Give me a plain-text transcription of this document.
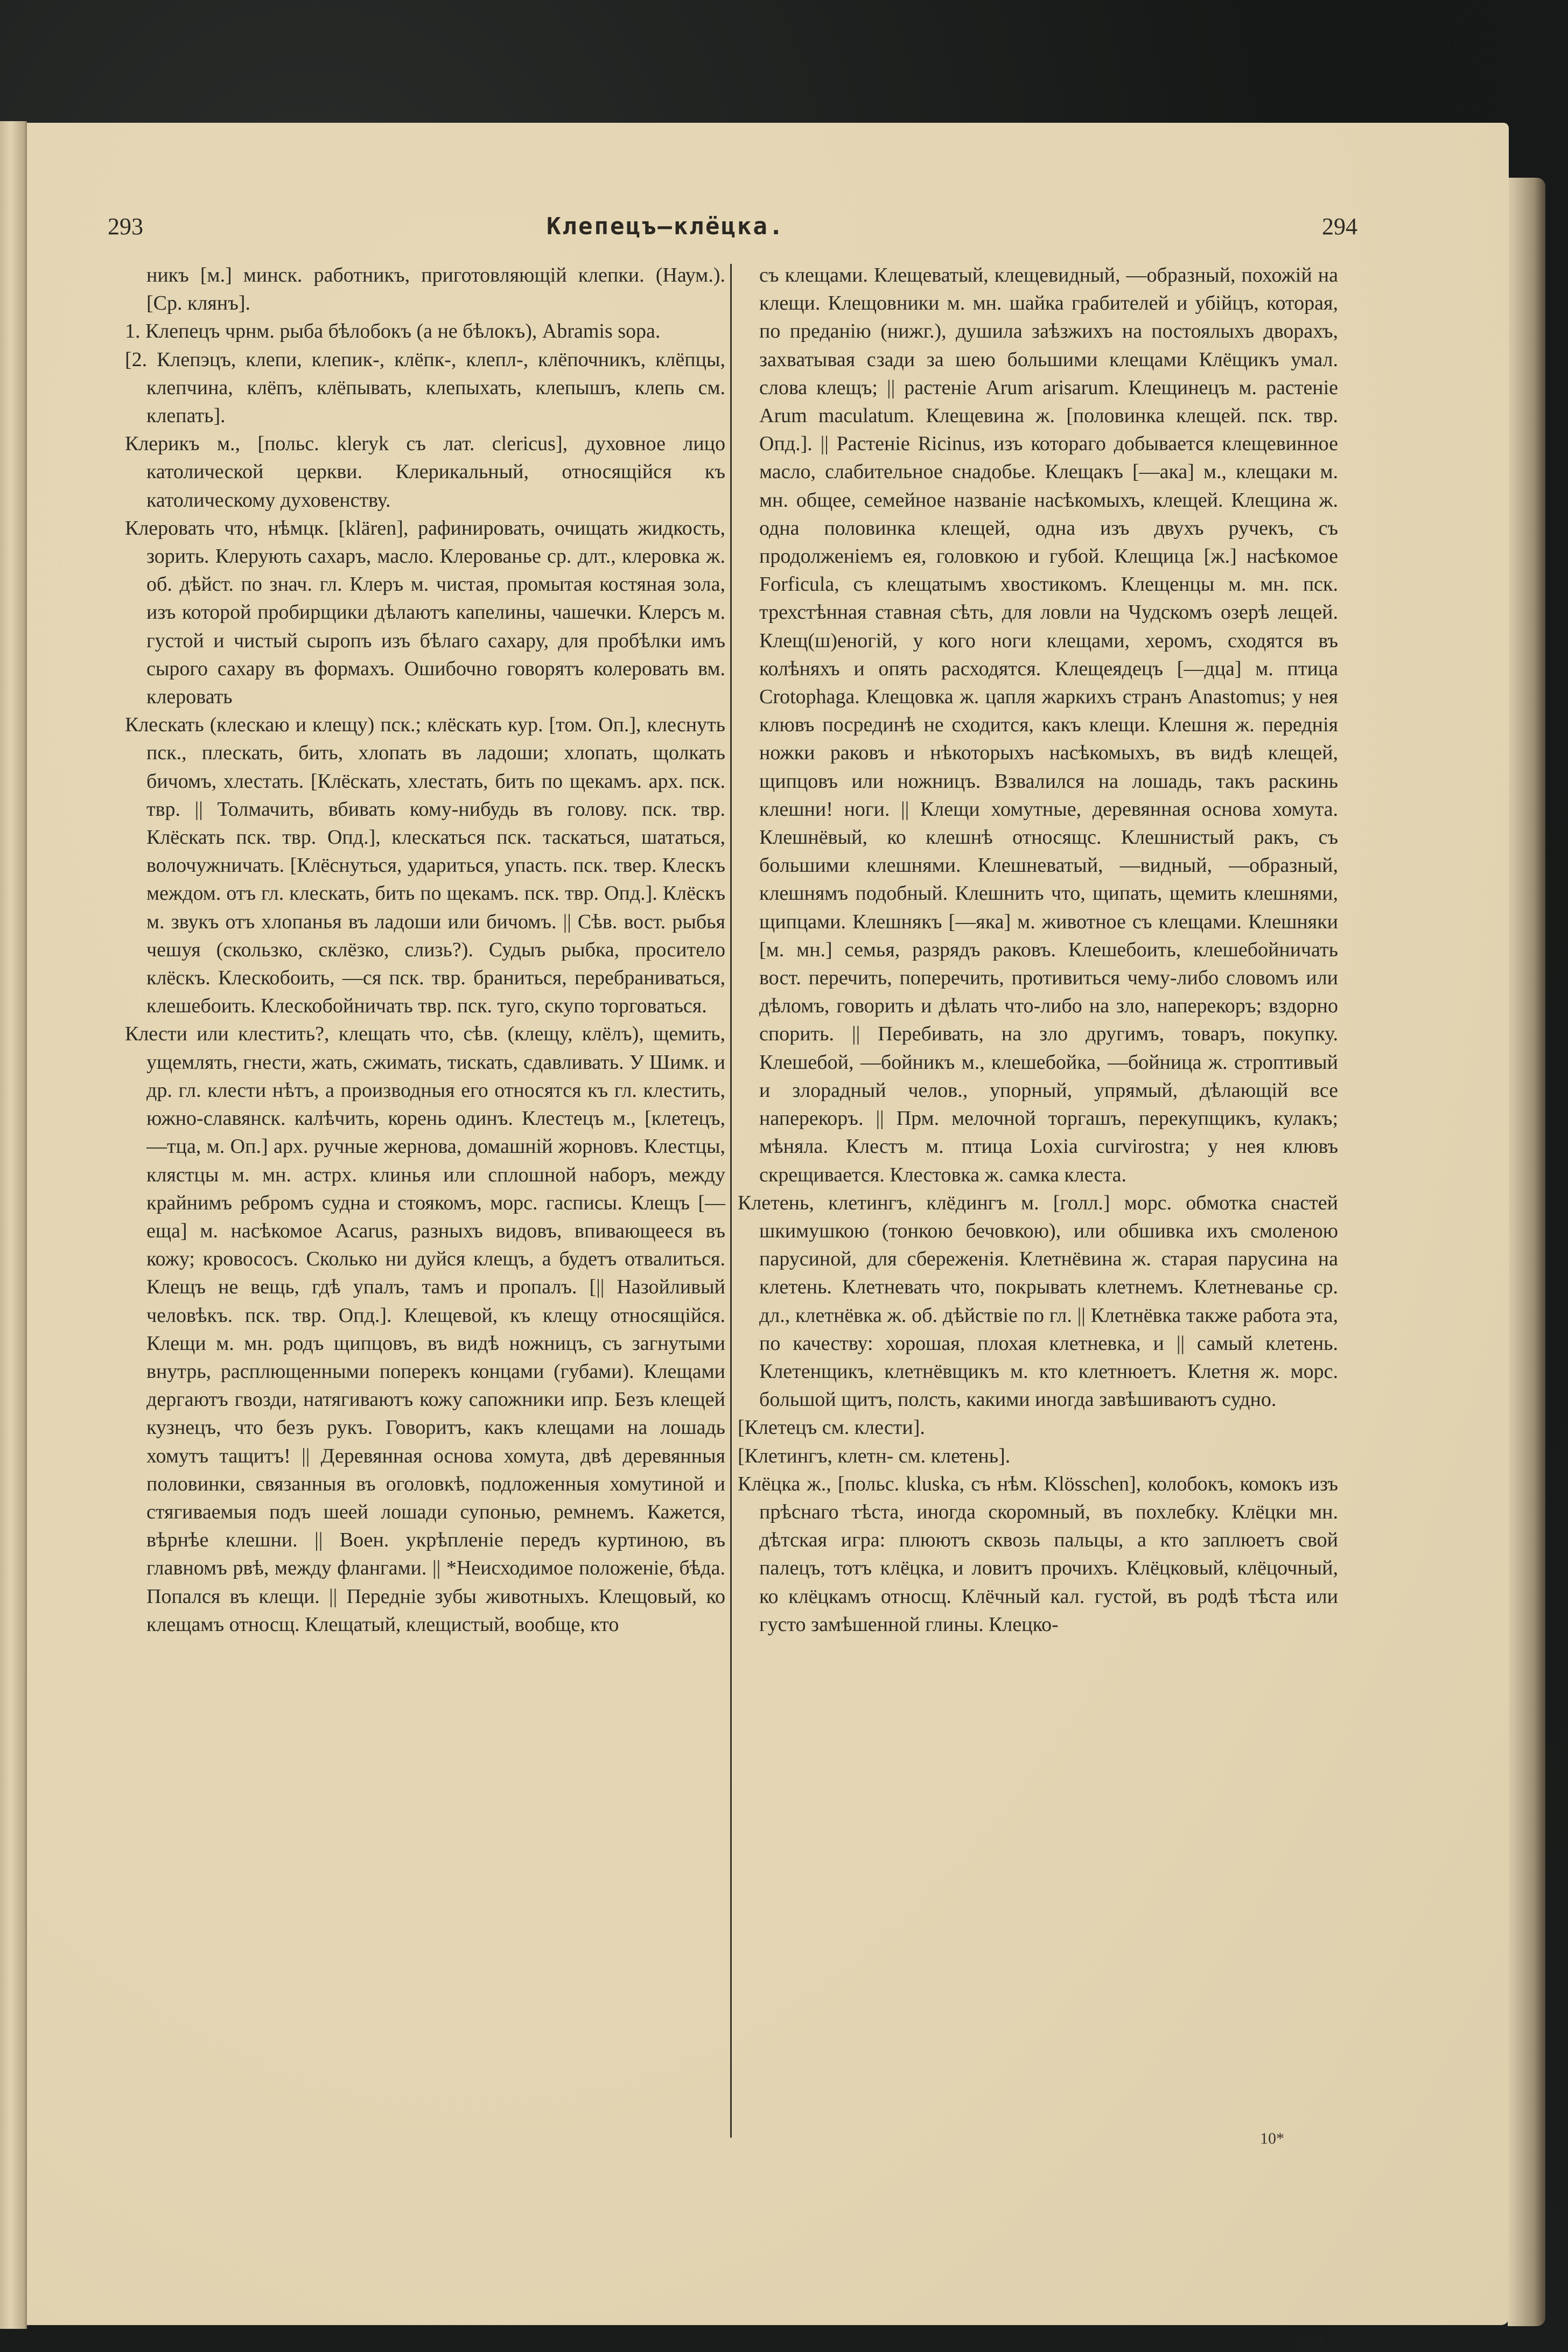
293	Клепецъ—клёцка.	294

никъ [м.] минск. работникъ, приготовляющій клепки. (Наум.). [Ср. клянъ].

1. Клепецъ чрнм. рыба бѣлобокъ (а не бѣлокъ), Abramis sopa.

[2. Клепэцъ, клепи, клепик-, клёпк-, клепл-, клёпочникъ, клёпцы, клепчина, клёпъ, клёпывать, клепыхать, клепышъ, клепь см. клепать].

Клерикъ м., [польс. kleryk съ лат. clericus], духовное лицо католической церкви. Клерикальный, относящійся къ католическому духовенству.

Клеровать что, нѣмцк. [klären], рафинировать, очищать жидкость, зорить. Клерують сахаръ, масло. Клерованье ср. длт., клеровка ж. об. дѣйст. по знач. гл. Клеръ м. чистая, промытая костяная зола, изъ которой пробирщики дѣлаютъ капелины, чашечки. Клерсъ м. густой и чистый сыропъ изъ бѣлаго сахару, для пробѣлки имъ сырого сахару въ формахъ. Ошибочно говорятъ колеровать вм. клеровать

Клескать (клескаю и клещу) пск.; клёскать кур. [том. Оп.], клеснуть пск., плескать, бить, хлопать въ ладоши; хлопать, щолкать бичомъ, хлестать. [Клёскать, хлестать, бить по щекамъ. арх. пск. твр. || Толмачить, вбивать кому-нибудь въ голову. пск. твр. Клёскать пск. твр. Опд.], клескаться пск. таскаться, шататься, волочужничать. [Клёснуться, удариться, упасть. пск. твер. Клескъ междом. отъ гл. клескать, бить по щекамъ. пск. твр. Опд.]. Клёскъ м. звукъ отъ хлопанья въ ладоши или бичомъ. || Сѣв. вост. рыбья чешуя (скользко, склёзко, слизь?). Судыъ рыбка, проситело клёскъ. Клескобоить, —ся пск. твр. браниться, перебраниваться, клешебоить. Клескобойничать твр. пск. туго, скупо торговаться.

Клести или клестить?, клещать что, сѣв. (клещу, клёлъ), щемить, ущемлять, гнести, жать, сжимать, тискать, сдавливать. У Шимк. и др. гл. клести нѣтъ, а производныя его относятся къ гл. клестить, южно-славянск. калѣчить, корень одинъ. Клестецъ м., [клетецъ, —тца, м. Оп.] арх. ручные жернова, домашній жорновъ. Клестцы, клястцы м. мн. астрх. клинья или сплошной наборъ, между крайнимъ ребромъ судна и стоякомъ, морс. гасписы. Клещъ [—еща] м. насѣкомое Acarus, разныхъ видовъ, впивающееся въ кожу; кровососъ. Сколько ни дуйся клещъ, а будетъ отвалиться. Клещъ не вещь, гдѣ упалъ, тамъ и пропалъ. [|| Назойливый человѣкъ. пск. твр. Опд.]. Клещевой, къ клещу относящійся. Клещи м. мн. родъ щипцовъ, въ видѣ ножницъ, съ загнутыми внутрь, расплющенными поперекъ концами (губами). Клещами дергаютъ гвозди, натягиваютъ кожу сапожники ипр. Безъ клещей кузнецъ, что безъ рукъ. Говоритъ, какъ клещами на лошадь хомутъ тащитъ! || Деревянная основа хомута, двѣ деревянныя половинки, связанныя въ оголовкѣ, подложенныя хомутиной и стягиваемыя подъ шеей лошади супонью, ремнемъ. Кажется, вѣрнѣе клешни. || Воен. укрѣпленіе передъ куртиною, въ главномъ рвѣ, между флангами. || *Неисходимое положеніе, бѣда. Попался въ клещи. || Передніе зубы животныхъ. Клещовый, ко клещамъ относщ. Клещатый, клещистый, вообще, кто

съ клещами. Клещеватый, клещевидный, —образный, похожій на клещи. Клещовники м. мн. шайка грабителей и убійцъ, которая, по преданію (нижг.), душила заѣзжихъ на постоялыхъ дворахъ, захватывая сзади за шею большими клещами Клёщикъ умал. слова клещъ; || растеніе Arum arisarum. Клещинецъ м. растеніе Arum maculatum. Клещевина ж. [половинка клещей. пск. твр. Опд.]. || Растеніе Ricinus, изъ котораго добывается клещевинное масло, слабительное снадобье. Клещакъ [—ака] м., клещаки м. мн. общее, семейное названіе насѣкомыхъ, клещей. Клещина ж. одна половинка клещей, одна изъ двухъ ручекъ, съ продолженіемъ ея, головкою и губой. Клещица [ж.] насѣкомое Forficula, съ клещатымъ хвостикомъ. Клещенцы м. мн. пск. трехстѣнная ставная сѣть, для ловли на Чудскомъ озерѣ лещей. Клещ(ш)еногій, у кого ноги клещами, херомъ, сходятся въ колѣняхъ и опять расходятся. Клещеядецъ [—дца] м. птица Crotophaga. Клещовка ж. цапля жаркихъ странъ Anastomus; у нея клювъ посрединѣ не сходится, какъ клещи. Клешня ж. переднія ножки раковъ и нѣкоторыхъ насѣкомыхъ, въ видѣ клещей, щипцовъ или ножницъ. Взвалился на лошадь, такъ раскинь клешни! ноги. || Клещи хомутные, деревянная основа хомута. Клешнёвый, ко клешнѣ относящс. Клешнистый ракъ, съ большими клешнями. Клешневатый, —видный, —образный, клешнямъ подобный. Клешнить что, щипать, щемить клешнями, щипцами. Клешнякъ [—яка] м. животное съ клещами. Клешняки [м. мн.] семья, разрядъ раковъ. Клешебоить, клешебойничать вост. перечить, поперечить, противиться чему-либо словомъ или дѣломъ, говорить и дѣлать что-либо на зло, наперекоръ; вздорно спорить. || Перебивать, на зло другимъ, товаръ, покупку. Клешебой, —бойникъ м., клешебойка, —бойница ж. строптивый и злорадный челов., упорный, упрямый, дѣлающій все наперекоръ. || Прм. мелочной торгашъ, перекупщикъ, кулакъ; мѣняла. Клестъ м. птица Loxia curvirostra; у нея клювъ скрещивается. Клестовка ж. самка клеста.

Клетень, клетингъ, клёдингъ м. [голл.] морс. обмотка снастей шкимушкою (тонкою бечовкою), или обшивка ихъ смоленою парусиной, для сбереженія. Клетнёвина ж. старая парусина на клетень. Клетневать что, покрывать клетнемъ. Клетневанье ср. дл., клетнёвка ж. об. дѣйствіе по гл. || Клетнёвка также работа эта, по качеству: хорошая, плохая клетневка, и || самый клетень. Клетенщикъ, клетнёвщикъ м. кто клетнюетъ. Клетня ж. морс. большой щитъ, полсть, какими иногда завѣшиваютъ судно.

[Клетецъ см. клести].

[Клетингъ, клетн- см. клетень].

Клёцка ж., [польс. kluska, съ нѣм. Klösschen], колобокъ, комокъ изъ прѣснаго тѣста, иногда скоромный, въ похлебку. Клёцки мн. дѣтская игра: плюютъ сквозь пальцы, а кто заплюетъ свой палецъ, тотъ клёцка, и ловитъ прочихъ. Клёцковый, клёцочный, ко клёцкамъ относщ. Клёчный кал. густой, въ родѣ тѣста или густо замѣшенной глины. Клецко-

10*
